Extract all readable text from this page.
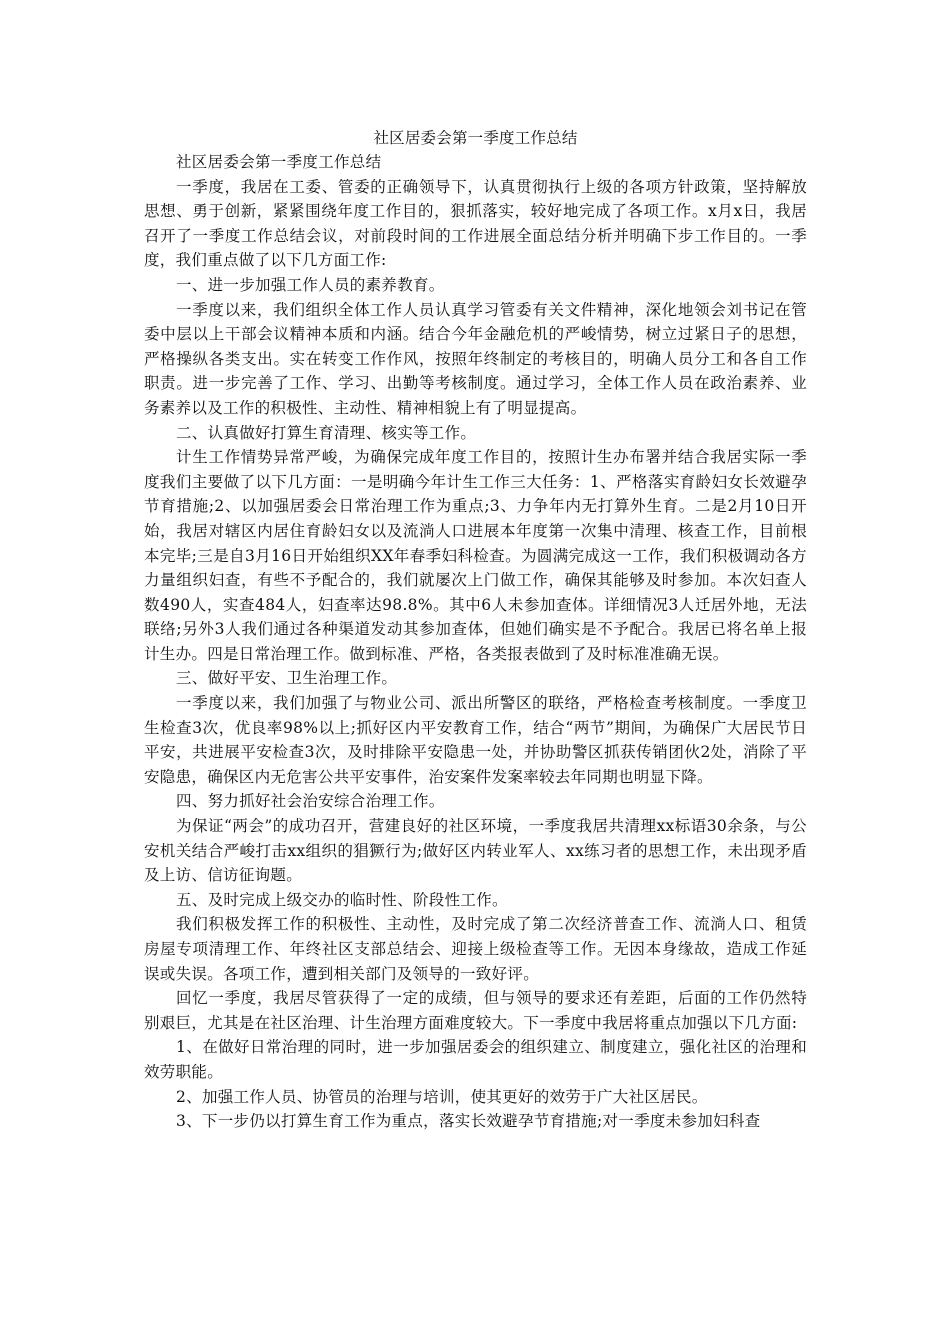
社区居委会第一季度工作总结

社区居委会第一季度工作总结

一季度，我居在工委、管委的正确领导下，认真贯彻执行上级的各项方针政策，坚持解放思想、勇于创新，紧紧围绕年度工作目的，狠抓落实，较好地完成了各项工作。x月x日，我居召开了一季度工作总结会议，对前段时间的工作进展全面总结分析并明确下步工作目的。一季度，我们重点做了以下几方面工作:

一、进一步加强工作人员的素养教育。

一季度以来，我们组织全体工作人员认真学习管委有关文件精神，深化地领会刘书记在管委中层以上干部会议精神本质和内涵。结合今年金融危机的严峻情势，树立过紧日子的思想，严格操纵各类支出。实在转变工作作风，按照年终制定的考核目的，明确人员分工和各自工作职责。进一步完善了工作、学习、出勤等考核制度。通过学习，全体工作人员在政治素养、业务素养以及工作的积极性、主动性、精神相貌上有了明显提高。

二、认真做好打算生育清理、核实等工作。

计生工作情势异常严峻，为确保完成年度工作目的，按照计生办布署并结合我居实际一季度我们主要做了以下几方面：一是明确今年计生工作三大任务：1、严格落实育龄妇女长效避孕节育措施;2、以加强居委会日常治理工作为重点;3、力争年内无打算外生育。二是2月10日开始，我居对辖区内居住育龄妇女以及流淌人口进展本年度第一次集中清理、核查工作，目前根本完毕;三是自3月16日开始组织XX年春季妇科检查。为圆满完成这一工作，我们积极调动各方力量组织妇查，有些不予配合的，我们就屡次上门做工作，确保其能够及时参加。本次妇查人数490人，实查484人，妇查率达98.8%。其中6人未参加查体。详细情况3人迁居外地，无法联络;另外3人我们通过各种渠道发动其参加查体，但她们确实是不予配合。我居已将名单上报计生办。四是日常治理工作。做到标准、严格，各类报表做到了及时标准准确无误。

三、做好平安、卫生治理工作。

一季度以来，我们加强了与物业公司、派出所警区的联络，严格检查考核制度。一季度卫生检查3次，优良率98%以上;抓好区内平安教育工作，结合“两节”期间，为确保广大居民节日平安，共进展平安检查3次，及时排除平安隐患一处，并协助警区抓获传销团伙2处，消除了平安隐患，确保区内无危害公共平安事件，治安案件发案率较去年同期也明显下降。

四、努力抓好社会治安综合治理工作。

为保证“两会”的成功召开，营建良好的社区环境，一季度我居共清理xx标语30余条，与公安机关结合严峻打击xx组织的猖獗行为;做好区内转业军人、xx练习者的思想工作，未出现矛盾及上访、信访征询题。

五、及时完成上级交办的临时性、阶段性工作。

我们积极发挥工作的积极性、主动性，及时完成了第二次经济普查工作、流淌人口、租赁房屋专项清理工作、年终社区支部总结会、迎接上级检查等工作。无因本身缘故，造成工作延误或失误。各项工作，遭到相关部门及领导的一致好评。

回忆一季度，我居尽管获得了一定的成绩，但与领导的要求还有差距，后面的工作仍然特别艰巨，尤其是在社区治理、计生治理方面难度较大。下一季度中我居将重点加强以下几方面:

1、在做好日常治理的同时，进一步加强居委会的组织建立、制度建立，强化社区的治理和效劳职能。

2、加强工作人员、协管员的治理与培训，使其更好的效劳于广大社区居民。

3、下一步仍以打算生育工作为重点，落实长效避孕节育措施;对一季度未参加妇科查
